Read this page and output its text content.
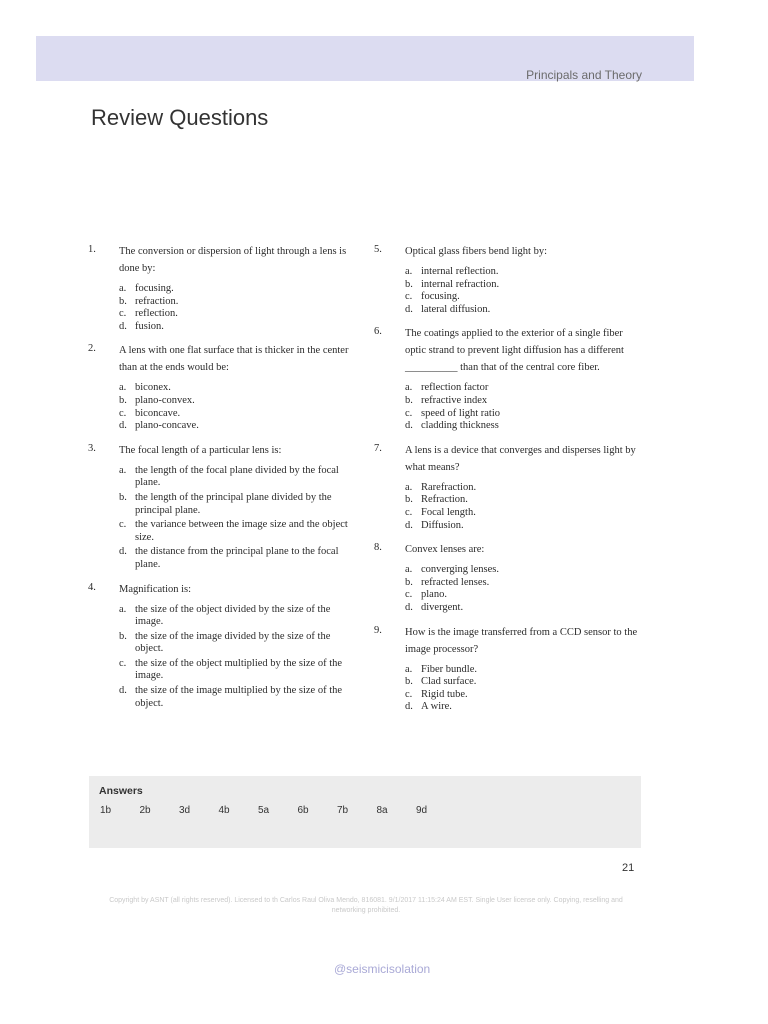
Principals and Theory
Review Questions
1. The conversion or dispersion of light through a lens is done by:
a. focusing.
b. refraction.
c. reflection.
d. fusion.
2. A lens with one flat surface that is thicker in the center than at the ends would be:
a. biconex.
b. plano-convex.
c. biconcave.
d. plano-concave.
3. The focal length of a particular lens is:
a. the length of the focal plane divided by the focal plane.
b. the length of the principal plane divided by the principal plane.
c. the variance between the image size and the object size.
d. the distance from the principal plane to the focal plane.
4. Magnification is:
a. the size of the object divided by the size of the image.
b. the size of the image divided by the size of the object.
c. the size of the object multiplied by the size of the image.
d. the size of the image multiplied by the size of the object.
5. Optical glass fibers bend light by:
a. internal reflection.
b. internal refraction.
c. focusing.
d. lateral diffusion.
6. The coatings applied to the exterior of a single fiber optic strand to prevent light diffusion has a different __________ than that of the central core fiber.
a. reflection factor
b. refractive index
c. speed of light ratio
d. cladding thickness
7. A lens is a device that converges and disperses light by what means?
a. Rarefraction.
b. Refraction.
c. Focal length.
d. Diffusion.
8. Convex lenses are:
a. converging lenses.
b. refracted lenses.
c. plano.
d. divergent.
9. How is the image transferred from a CCD sensor to the image processor?
a. Fiber bundle.
b. Clad surface.
c. Rigid tube.
d. A wire.
Answers
1b	2b	3d	4b	5a	6b	7b	8a	9d
21
Copyright by ASNT (all rights reserved). Licensed to th Carlos Raul Oliva Mendo, 816081. 9/1/2017 11:15:24 AM EST. Single User license only. Copying, reselling and networking prohibited.
@seismicisolation
